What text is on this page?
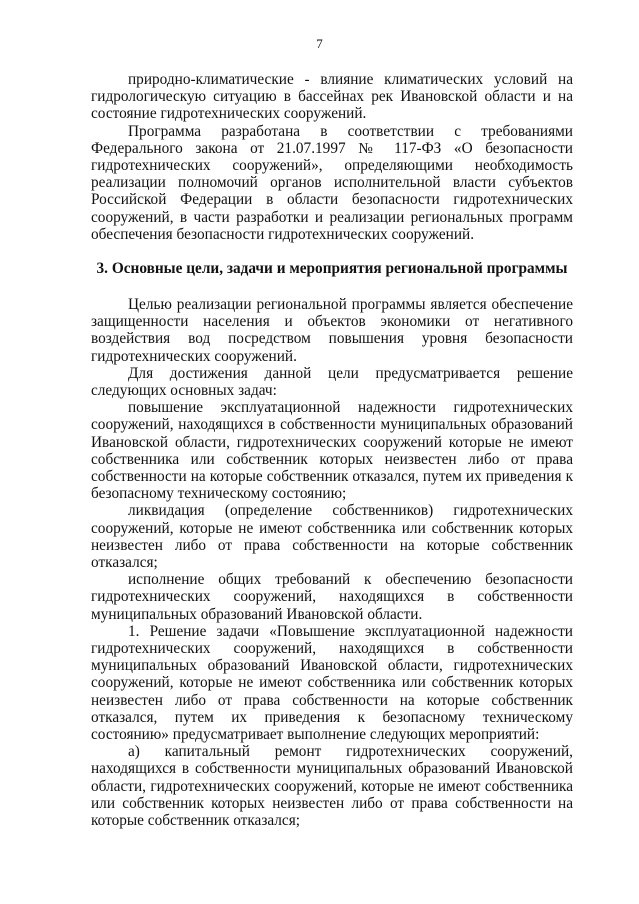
7

природно-климатические - влияние климатических условий на гидрологическую ситуацию в бассейнах рек Ивановской области и на состояние гидротехнических сооружений.

Программа разработана в соответствии с требованиями Федерального закона от 21.07.1997 № 117-ФЗ «О безопасности гидротехнических сооружений», определяющими необходимость реализации полномочий органов исполнительной власти субъектов Российской Федерации в области безопасности гидротехнических сооружений, в части разработки и реализации региональных программ обеспечения безопасности гидротехнических сооружений.

3. Основные цели, задачи и мероприятия региональной программы

Целью реализации региональной программы является обеспечение защищенности населения и объектов экономики от негативного воздействия вод посредством повышения уровня безопасности гидротехнических сооружений.

Для достижения данной цели предусматривается решение следующих основных задач:

повышение эксплуатационной надежности гидротехнических сооружений, находящихся в собственности муниципальных образований Ивановской области, гидротехнических сооружений которые не имеют собственника или собственник которых неизвестен либо от права собственности на которые собственник отказался, путем их приведения к безопасному техническому состоянию;

ликвидация (определение собственников) гидротехнических сооружений, которые не имеют собственника или собственник которых неизвестен либо от права собственности на которые собственник отказался;

исполнение общих требований к обеспечению безопасности гидротехнических сооружений, находящихся в собственности муниципальных образований Ивановской области.

1. Решение задачи «Повышение эксплуатационной надежности гидротехнических сооружений, находящихся в собственности муниципальных образований Ивановской области, гидротехнических сооружений, которые не имеют собственника или собственник которых неизвестен либо от права собственности на которые собственник отказался, путем их приведения к безопасному техническому состоянию» предусматривает выполнение следующих мероприятий:

а) капитальный ремонт гидротехнических сооружений, находящихся в собственности муниципальных образований Ивановской области, гидротехнических сооружений, которые не имеют собственника или собственник которых неизвестен либо от права собственности на которые собственник отказался;
